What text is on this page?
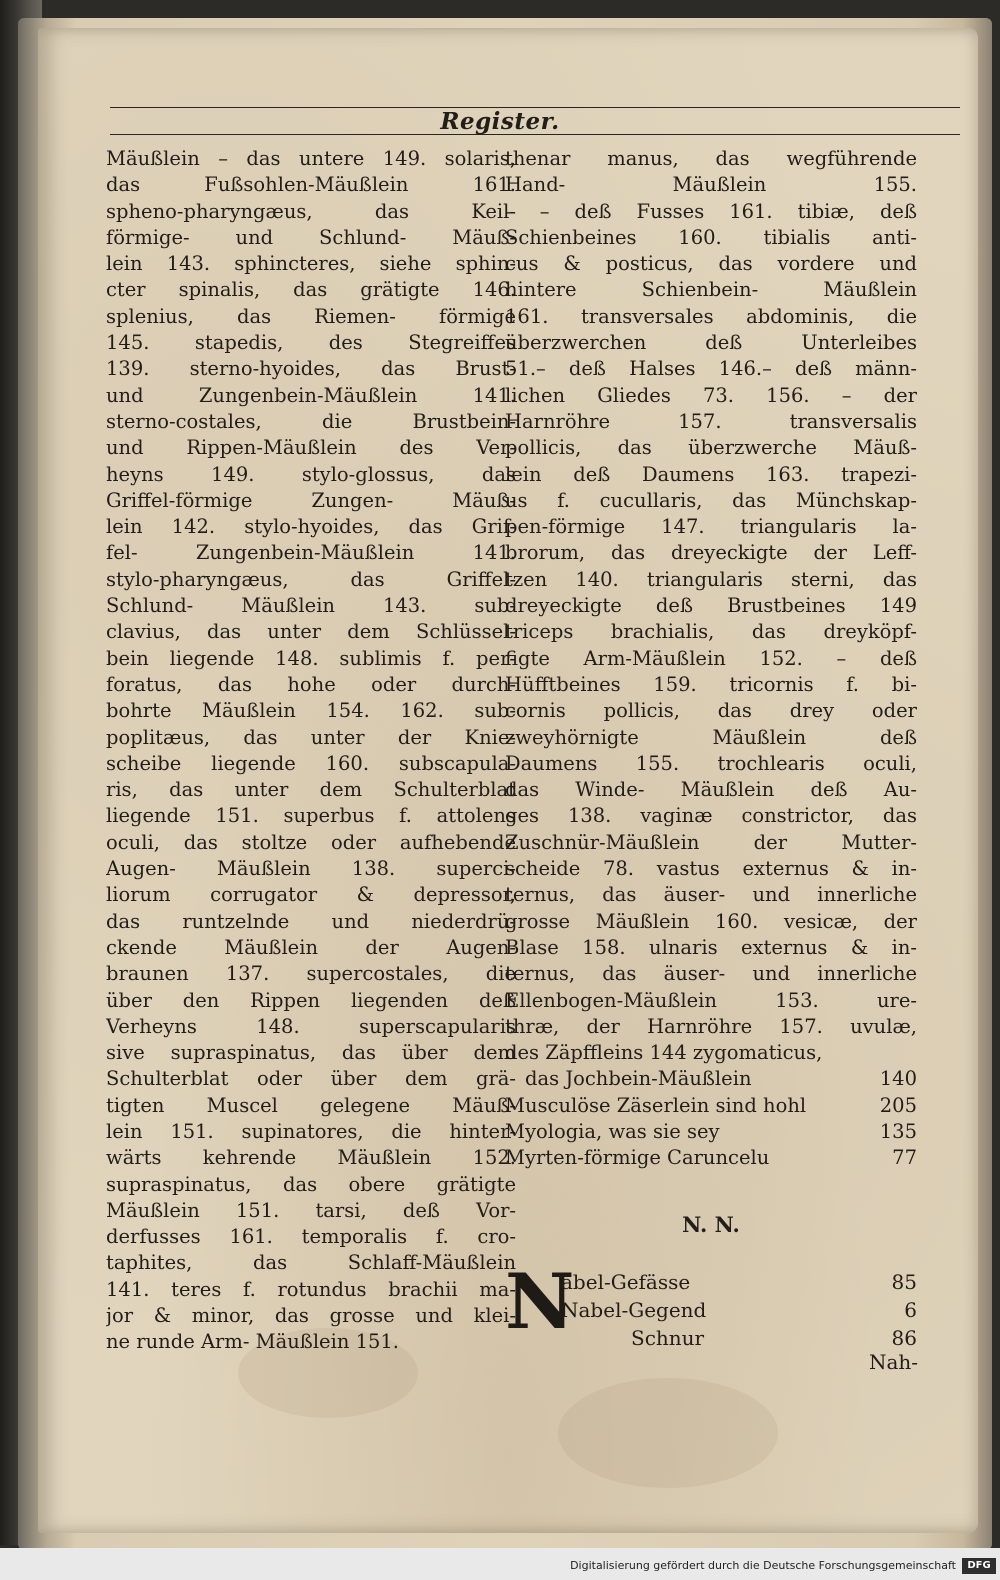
Register.
Mäußlein – das untere 149. solaris,
das Fußsohlen-Mäußlein 161.
spheno-pharyngæus, das Keil-
förmige- und Schlund- Mäuß-
lein 143. sphincteres, siehe sphin-
cter spinalis, das grätigte 146.
splenius, das Riemen- förmige
145. stapedis, des Stegreiffes
139. sterno-hyoides, das Brust-
und Zungenbein-Mäußlein 141.
sterno-costales, die Brustbein-
und Rippen-Mäußlein des Ver-
heyns 149. stylo-glossus, das
Griffel-förmige Zungen- Mäuß-
lein 142. stylo-hyoides, das Grif-
fel- Zungenbein-Mäußlein 141.
stylo-pharyngæus, das Griffel-
Schlund- Mäußlein 143. sub-
clavius, das unter dem Schlüssel-
bein liegende 148. sublimis f. per-
foratus, das hohe oder durch-
bohrte Mäußlein 154. 162. sub-
poplitæus, das unter der Knie-
scheibe liegende 160. subscapula-
ris, das unter dem Schulterblat
liegende 151. superbus f. attolens
oculi, das stoltze oder aufhebende
Augen- Mäußlein 138. superci-
liorum corrugator & depressor,
das runtzelnde und niederdrü-
ckende Mäußlein der Augen-
braunen 137. supercostales, die
über den Rippen liegenden deß
Verheyns 148. superscapularis
sive supraspinatus, das über dem
Schulterblat oder über dem grä-
tigten Muscel gelegene Mäuß-
lein 151. supinatores, die hinter-
wärts kehrende Mäußlein 152.
supraspinatus, das obere grätigte
Mäußlein 151. tarsi, deß Vor-
derfusses 161. temporalis f. cro-
taphites, das Schlaff-Mäußlein
141. teres f. rotundus brachii ma-
jor & minor, das grosse und klei-
ne runde Arm- Mäußlein 151.
thenar manus, das wegführende
Hand- Mäußlein 155.
– – deß Fusses 161. tibiæ, deß
Schienbeines 160. tibialis anti-
cus & posticus, das vordere und
hintere Schienbein- Mäußlein
161. transversales abdominis, die
überzwerchen deß Unterleibes
51.– deß Halses 146.– deß männ-
lichen Gliedes 73. 156. – der
Harnröhre 157. transversalis
pollicis, das überzwerche Mäuß-
lein deß Daumens 163. trapezi-
us f. cucullaris, das Münchskap-
pen-förmige 147. triangularis la-
brorum, das dreyeckigte der Leff-
tzen 140. triangularis sterni, das
dreyeckigte deß Brustbeines 149
triceps brachialis, das dreyköpf-
figte Arm-Mäußlein 152. – deß
Hüfftbeines 159. tricornis f. bi-
cornis pollicis, das drey oder
zweyhörnigte Mäußlein deß
Daumens 155. trochlearis oculi,
das Winde- Mäußlein deß Au-
ges 138. vaginæ constrictor, das
Zuschnür-Mäußlein der Mutter-
scheide 78. vastus externus & in-
ternus, das äuser- und innerliche
grosse Mäußlein 160. vesicæ, der
Blase 158. ulnaris externus & in-
ternus, das äuser- und innerliche
Ellenbogen-Mäußlein 153. ure-
thræ, der Harnröhre 157. uvulæ,
des Zäpffleins 144 zygomaticus,
das Jochbein-Mäußlein	140
Musculöse Zäserlein sind hohl	205
Myologia, was sie sey	135
Myrten-förmige Caruncelu	77
N. N.
N
abel-Gefässe	85
Nabel-Gegend	6
Schnur	86
Nah-
Digitalisierung gefördert durch die Deutsche Forschungsgemeinschaft	DFG
